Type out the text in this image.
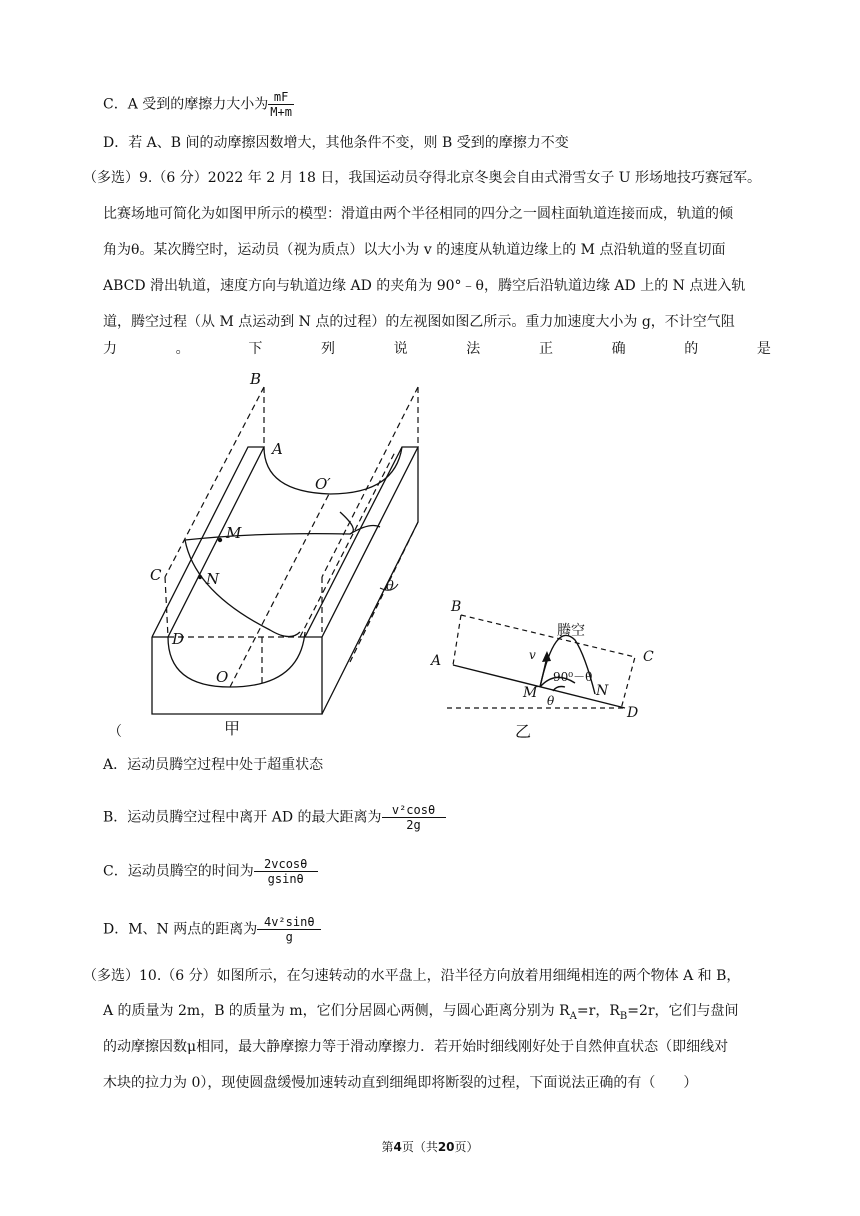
C．A 受到的摩擦力大小为 $\frac{mF}{M+m}$
D．若 A、B 间的动摩擦因数增大，其他条件不变，则 B 受到的摩擦力不变
（多选）9.（6 分）2022 年 2 月 18 日，我国运动员夺得北京冬奥会自由式滑雪女子 U 形场地技巧赛冠军。
比赛场地可简化为如图甲所示的模型：滑道由两个半径相同的四分之一圆柱面轨道连接而成，轨道的倾
角为θ。某次腾空时，运动员（视为质点）以大小为 v 的速度从轨道边缘上的 M 点沿轨道的竖直切面
ABCD 滑出轨道，速度方向与轨道边缘 AD 的夹角为 90°﹣θ，腾空后沿轨道边缘 AD 上的 N 点进入轨
道，腾空过程（从 M 点运动到 N 点的过程）的左视图如图乙所示。重力加速度大小为 g，不计空气阻
力	。	下	列	说	法	正	确	的	是
B
A
O′
M
C	N
D
O
θ
甲
（
B
A	C
D
M	N
v
90⁰－θ
θ
腾空
乙
A．运动员腾空过程中处于超重状态
B．运动员腾空过程中离开 AD 的最大距离为 $\frac{\text{v²cosθ}}{2g}$
C．运动员腾空的时间为 $\frac{2vcos\theta}{gsin\theta}$
D．M、N 两点的距离为 $\frac{\text{4v²sinθ}}{g}$
（多选）10.（6 分）如图所示，在匀速转动的水平盘上，沿半径方向放着用细绳相连的两个物体 A 和 B，
A 的质量为 2m，B 的质量为 m，它们分居圆心两侧，与圆心距离分别为 $R_A=r$，$R_B=2r$，它们与盘间
的动摩擦因数μ相同，最大静摩擦力等于滑动摩擦力．若开始时细线刚好处于自然伸直状态（即细线对
木块的拉力为 0），现使圆盘缓慢加速转动直到细绳即将断裂的过程，下面说法正确的有（　　）
第4页（共20页）
